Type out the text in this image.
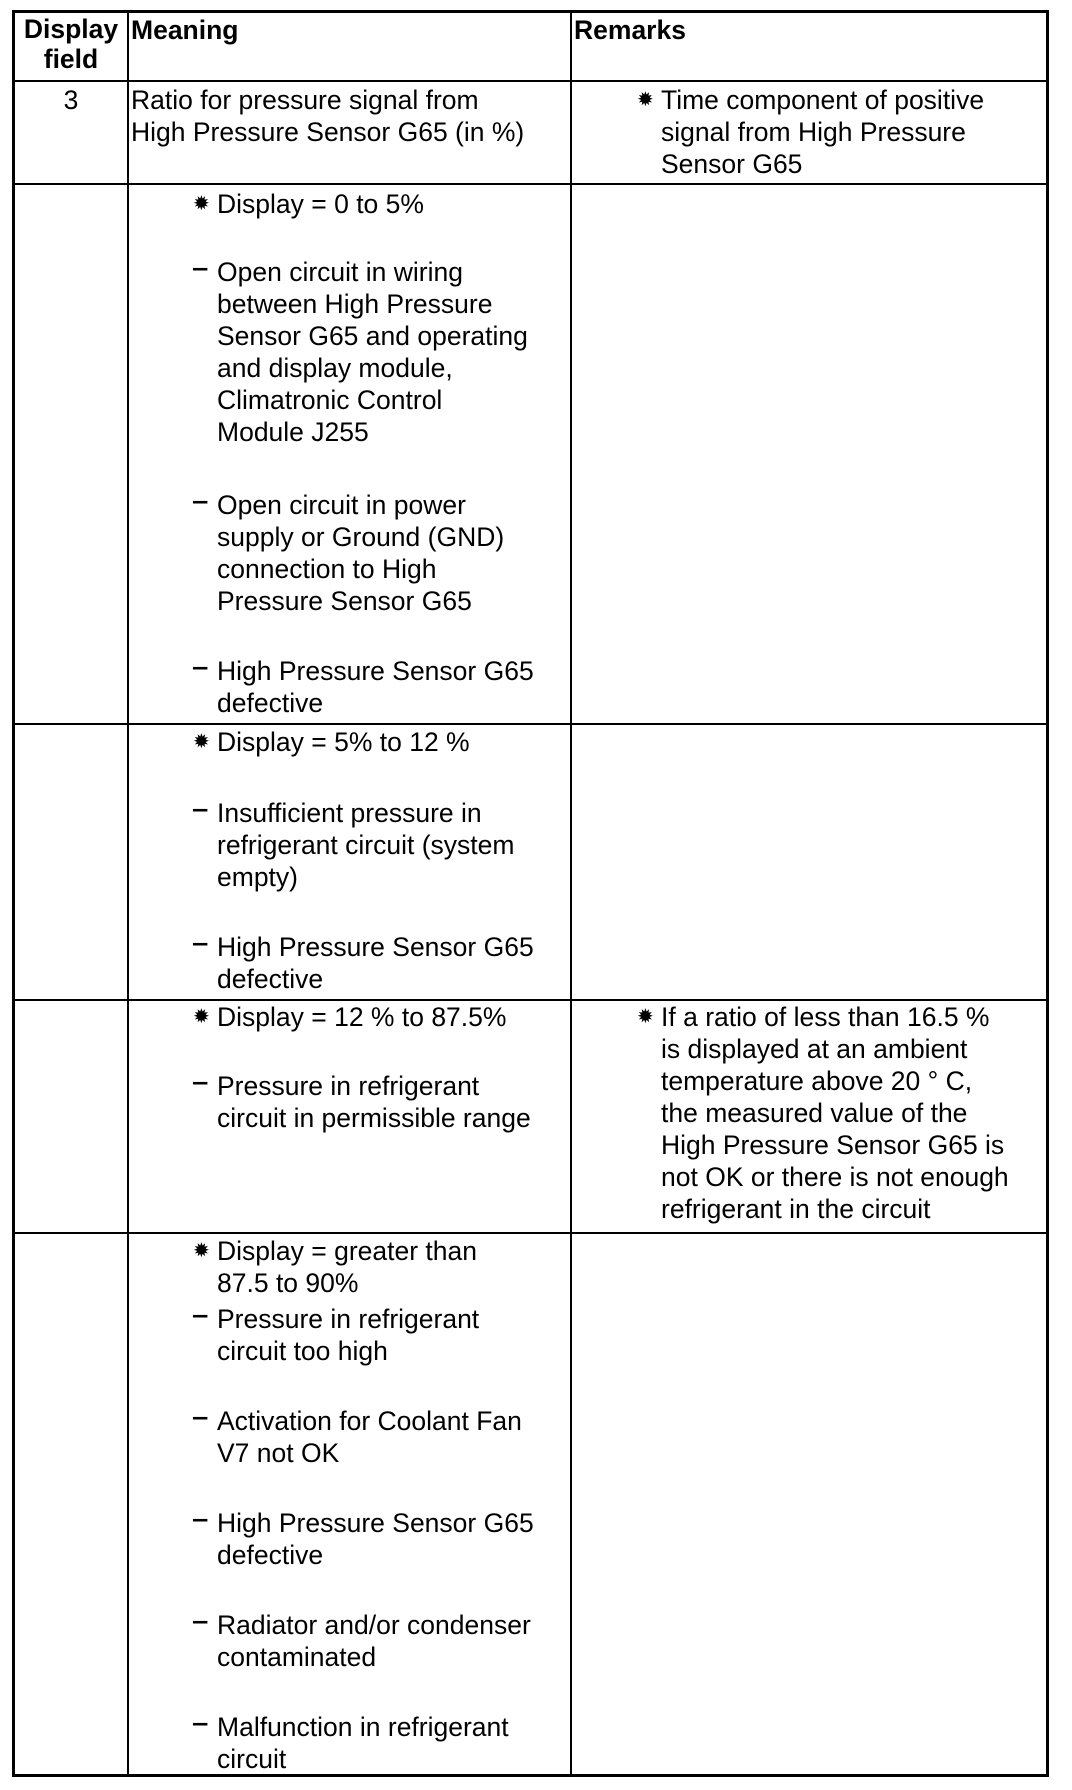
Display
field
Meaning	Remarks
3	Ratio for pressure signal from
High Pressure Sensor G65 (in %)
✹ Time component of positive
signal from High Pressure
Sensor G65
✹ Display = 0 to 5%
‒ Open circuit in wiring
between High Pressure
Sensor G65 and operating
and display module,
Climatronic Control
Module J255
‒ Open circuit in power
supply or Ground (GND)
connection to High
Pressure Sensor G65
‒ High Pressure Sensor G65
defective
✹ Display = 5% to 12 %
‒ Insufficient pressure in
refrigerant circuit (system
empty)
‒ High Pressure Sensor G65
defective
✹ Display = 12 % to 87.5%
‒ Pressure in refrigerant
circuit in permissible range
✹ If a ratio of less than 16.5 %
is displayed at an ambient
temperature above 20 ° C,
the measured value of the
High Pressure Sensor G65 is
not OK or there is not enough
refrigerant in the circuit
✹ Display = greater than
87.5 to 90%
‒ Pressure in refrigerant
circuit too high
‒ Activation for Coolant Fan
V7 not OK
‒ High Pressure Sensor G65
defective
‒ Radiator and/or condenser
contaminated
‒ Malfunction in refrigerant
circuit
